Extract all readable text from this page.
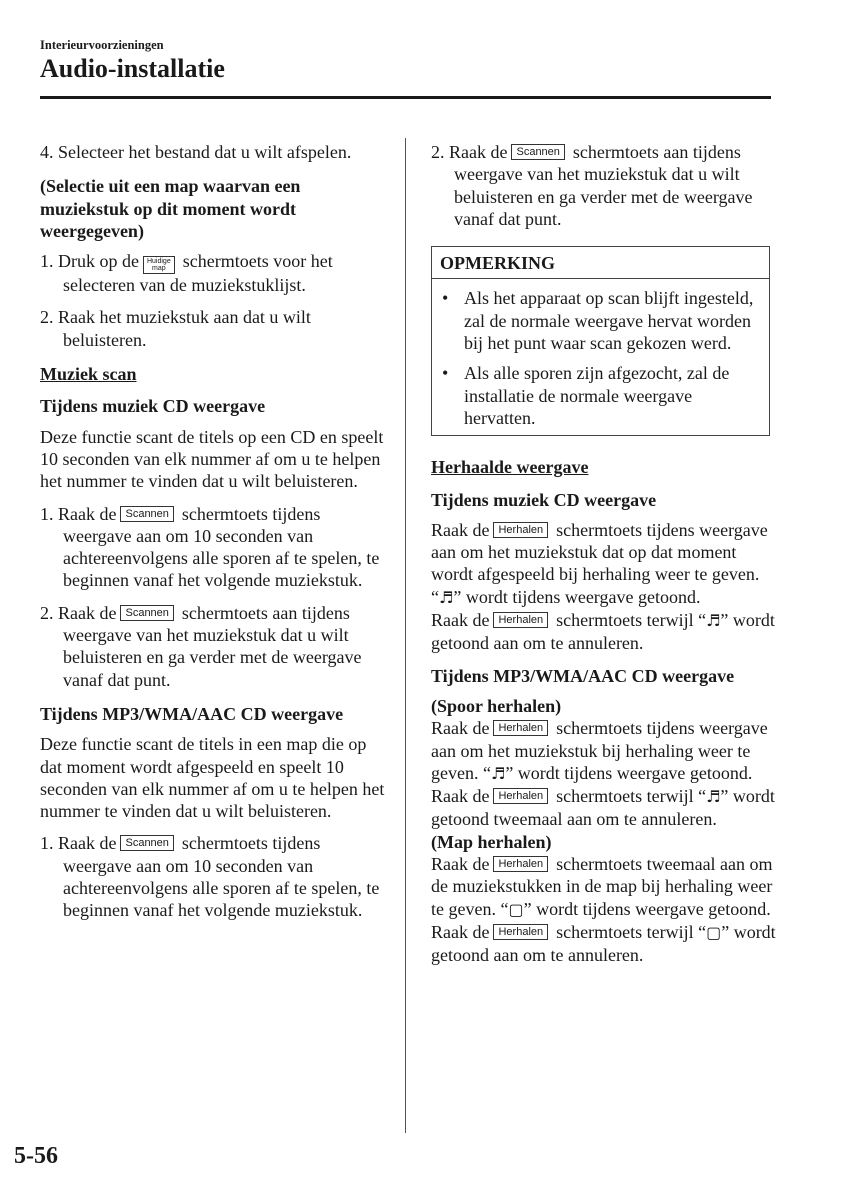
Interieurvoorzieningen
Audio-installatie

4. Selecteer het bestand dat u wilt afspelen.

(Selectie uit een map waarvan een muziekstuk op dit moment wordt weergegeven)

1. Druk op de Huidige
map schermtoets voor het selecteren van de muziekstuklijst.

2. Raak het muziekstuk aan dat u wilt beluisteren.

Muziek scan

Tijdens muziek CD weergave

Deze functie scant de titels op een CD en speelt 10 seconden van elk nummer af om u te helpen het nummer te vinden dat u wilt beluisteren.

1. Raak de Scannen schermtoets tijdens weergave aan om 10 seconden van achtereenvolgens alle sporen af te spelen, te beginnen vanaf het volgende muziekstuk.

2. Raak de Scannen schermtoets aan tijdens weergave van het muziekstuk dat u wilt beluisteren en ga verder met de weergave vanaf dat punt.

Tijdens MP3/WMA/AAC CD weergave

Deze functie scant de titels in een map die op dat moment wordt afgespeeld en speelt 10 seconden van elk nummer af om u te helpen het nummer te vinden dat u wilt beluisteren.

1. Raak de Scannen schermtoets tijdens weergave aan om 10 seconden van achtereenvolgens alle sporen af te spelen, te beginnen vanaf het volgende muziekstuk.

2. Raak de Scannen schermtoets aan tijdens weergave van het muziekstuk dat u wilt beluisteren en ga verder met de weergave vanaf dat punt.

OPMERKING
• Als het apparaat op scan blijft ingesteld, zal de normale weergave hervat worden bij het punt waar scan gekozen werd.
• Als alle sporen zijn afgezocht, zal de installatie de normale weergave hervatten.

Herhaalde weergave

Tijdens muziek CD weergave

Raak de Herhalen schermtoets tijdens weergave aan om het muziekstuk dat op dat moment wordt afgespeeld bij herhaling weer te geven. “♬” wordt tijdens weergave getoond.

Raak de Herhalen schermtoets terwijl “♬” wordt getoond aan om te annuleren.

Tijdens MP3/WMA/AAC CD weergave

(Spoor herhalen)

Raak de Herhalen schermtoets tijdens weergave aan om het muziekstuk bij herhaling weer te geven. “♬” wordt tijdens weergave getoond.

Raak de Herhalen schermtoets terwijl “♬” wordt getoond tweemaal aan om te annuleren.

(Map herhalen)

Raak de Herhalen schermtoets tweemaal aan om de muziekstukken in de map bij herhaling weer te geven. “▢” wordt tijdens weergave getoond.

Raak de Herhalen schermtoets terwijl “▢” wordt getoond aan om te annuleren.

5-56
